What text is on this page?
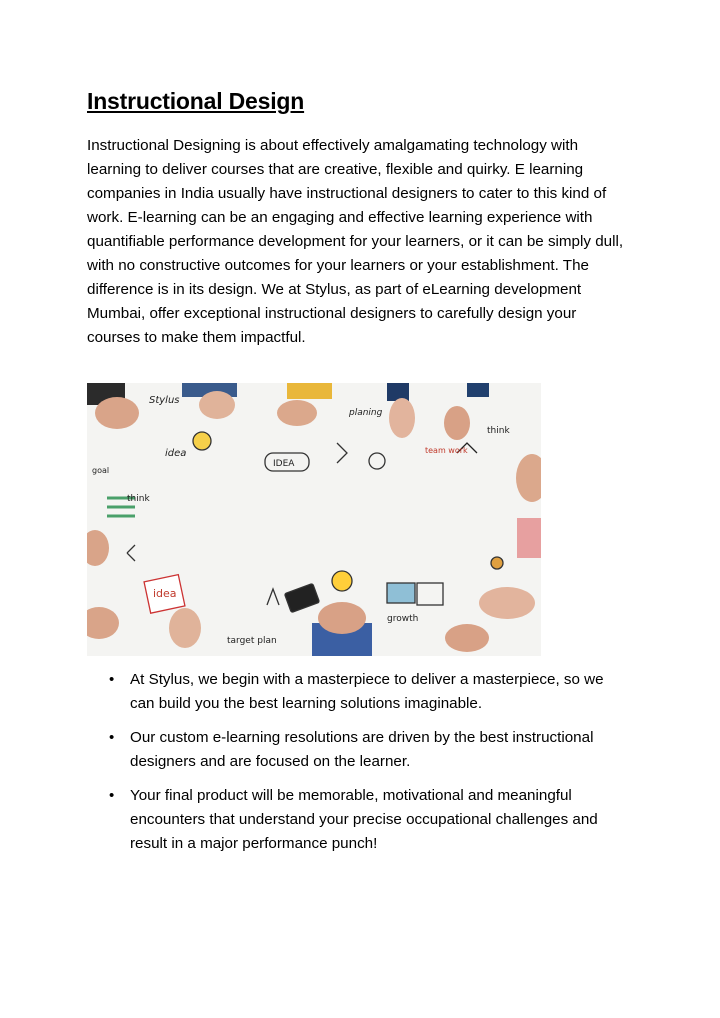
Instructional Design

Instructional Designing is about effectively amalgamating technology with learning to deliver courses that are creative, flexible and quirky. E learning companies in India usually have instructional designers to cater to this kind of work. E-learning can be an engaging and effective learning experience with quantifiable performance development for your learners, or it can be simply dull, with no constructive outcomes for your learners or your establishment. The difference is in its design. We at Stylus, as part of eLearning development Mumbai, offer exceptional instructional designers to carefully design your courses to make them impactful.

Stylus
planing
IDEA
idea	team work
think
think
goal
idea
growth
target plan
• At Stylus, we begin with a masterpiece to deliver a masterpiece, so we can build you the best learning solutions imaginable.
• Our custom e-learning resolutions are driven by the best instructional designers and are focused on the learner.
• Your final product will be memorable, motivational and meaningful encounters that understand your precise occupational challenges and result in a major performance punch!
